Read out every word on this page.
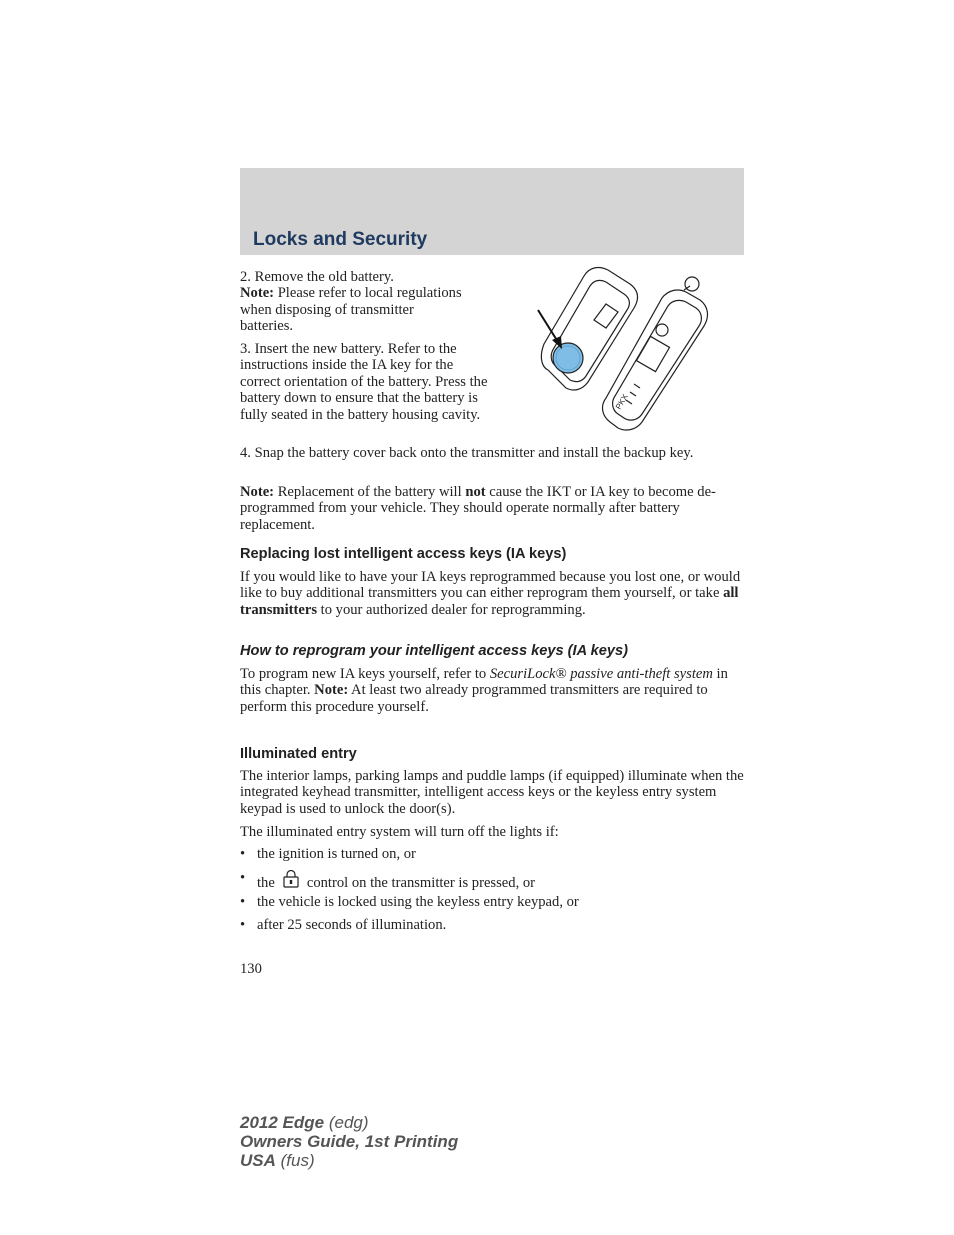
Locks and Security

2. Remove the old battery.
Note: Please refer to local regulations when disposing of transmitter batteries.

3. Insert the new battery. Refer to the instructions inside the IA key for the correct orientation of the battery. Press the battery down to ensure that the battery is fully seated in the battery housing cavity.

PKX

4. Snap the battery cover back onto the transmitter and install the backup key.

Note: Replacement of the battery will not cause the IKT or IA key to become de-programmed from your vehicle. They should operate normally after battery replacement.

Replacing lost intelligent access keys (IA keys)

If you would like to have your IA keys reprogrammed because you lost one, or would like to buy additional transmitters you can either reprogram them yourself, or take all transmitters to your authorized dealer for reprogramming.

How to reprogram your intelligent access keys (IA keys)

To program new IA keys yourself, refer to SecuriLock® passive anti-theft system in this chapter. Note: At least two already programmed transmitters are required to perform this procedure yourself.

Illuminated entry

The interior lamps, parking lamps and puddle lamps (if equipped) illuminate when the integrated keyhead transmitter, intelligent access keys or the keyless entry system keypad is used to unlock the door(s).

The illuminated entry system will turn off the lights if:

• the ignition is turned on, or
• the control on the transmitter is pressed, or
• the vehicle is locked using the keyless entry keypad, or
• after 25 seconds of illumination.
130
2012 Edge (edg)
Owners Guide, 1st Printing
USA (fus)
